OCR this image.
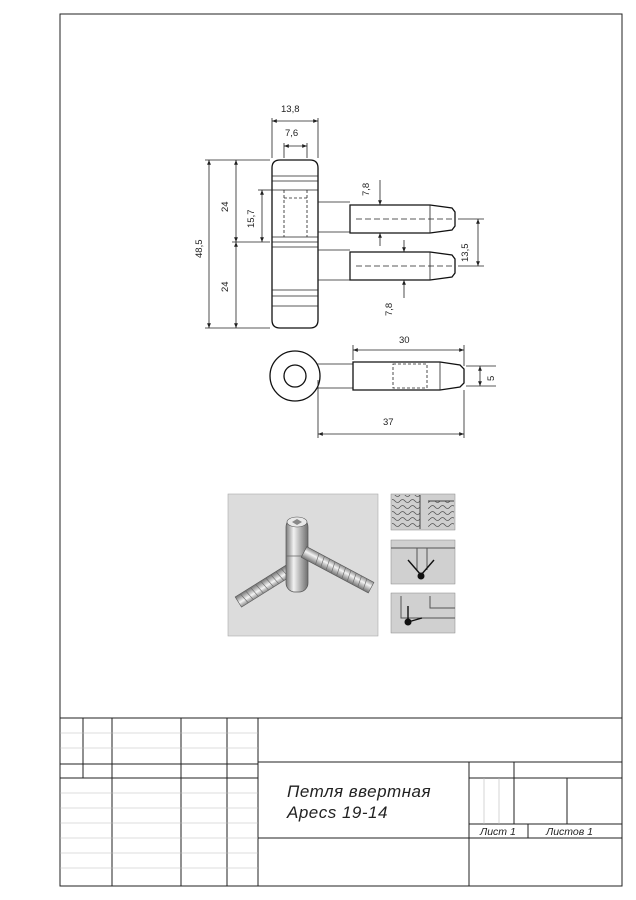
13,8
7,6
48,5
24
24
15,7
7,8
7,8
13,5
30
5
37
Петля ввертная
Apecs 19-14
Лист 1	Листов 1
